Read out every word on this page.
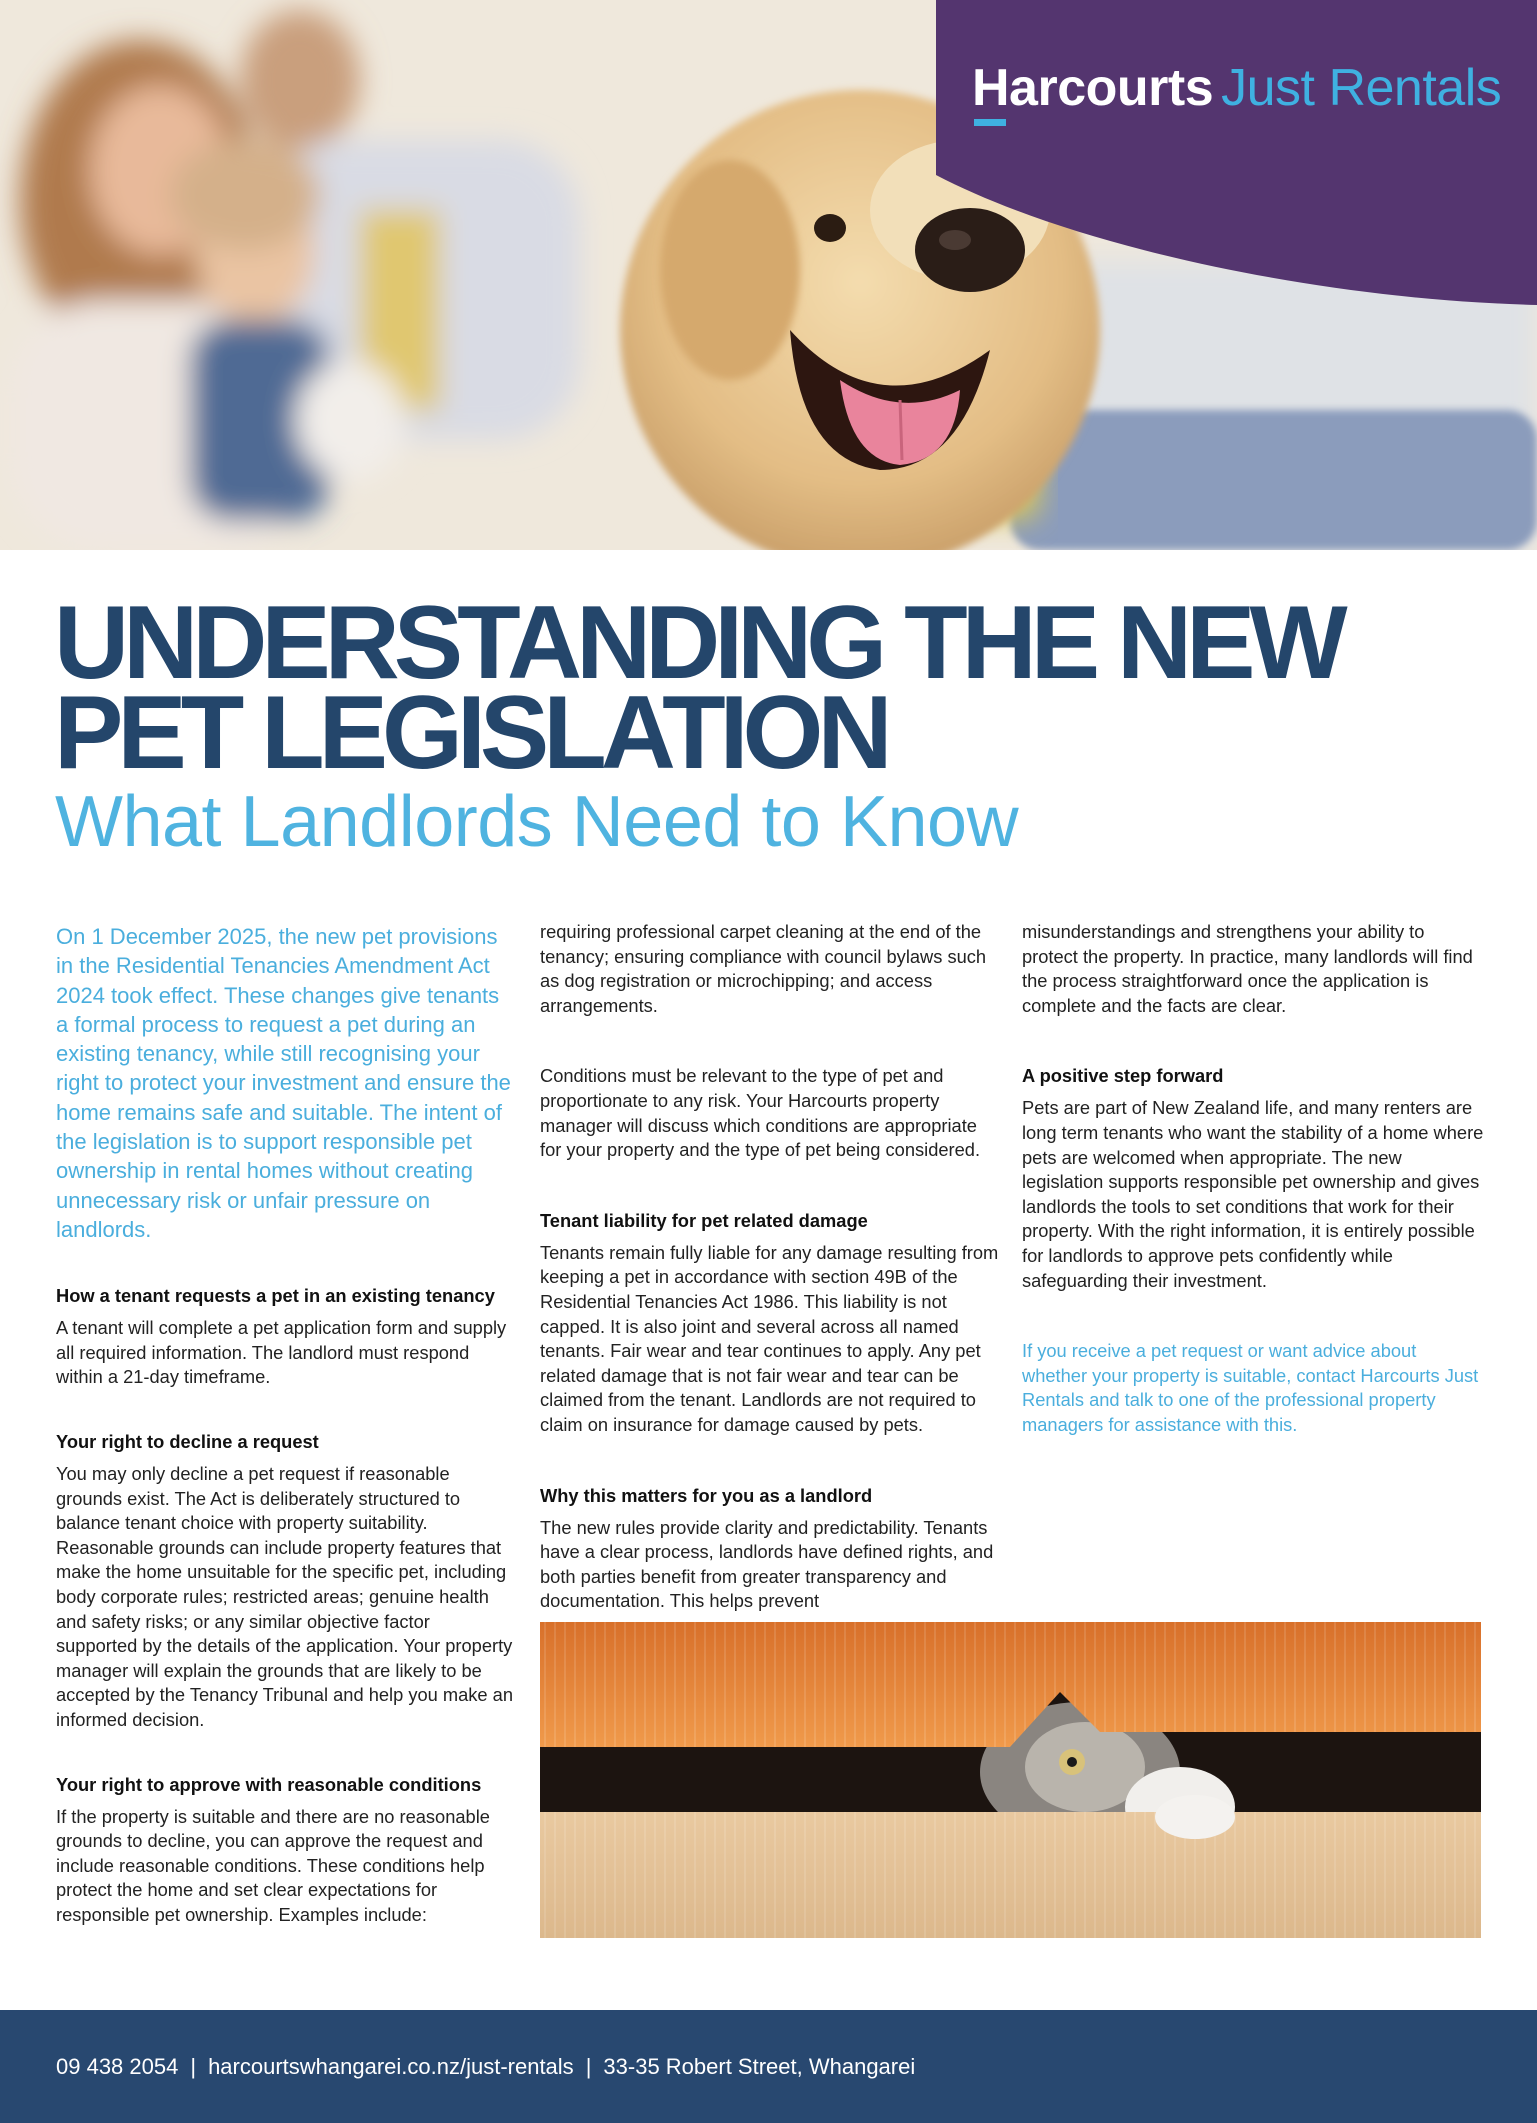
Harcourts Just Rentals
UNDERSTANDING THE NEW PET LEGISLATION
What Landlords Need to Know

On 1 December 2025, the new pet provisions in the Residential Tenancies Amendment Act 2024 took effect. These changes give tenants a formal process to request a pet during an existing tenancy, while still recognising your right to protect your investment and ensure the home remains safe and suitable. The intent of the legislation is to support responsible pet ownership in rental homes without creating unnecessary risk or unfair pressure on landlords.

How a tenant requests a pet in an existing tenancy

A tenant will complete a pet application form and supply all required information. The landlord must respond within a 21-day timeframe.

Your right to decline a request

You may only decline a pet request if reasonable grounds exist. The Act is deliberately structured to balance tenant choice with property suitability. Reasonable grounds can include property features that make the home unsuitable for the specific pet, including body corporate rules; restricted areas; genuine health and safety risks; or any similar objective factor supported by the details of the application. Your property manager will explain the grounds that are likely to be accepted by the Tenancy Tribunal and help you make an informed decision.

Your right to approve with reasonable conditions

If the property is suitable and there are no reasonable grounds to decline, you can approve the request and include reasonable conditions. These conditions help protect the home and set clear expectations for responsible pet ownership. Examples include:

requiring professional carpet cleaning at the end of the tenancy; ensuring compliance with council bylaws such as dog registration or microchipping; and access arrangements.

Conditions must be relevant to the type of pet and proportionate to any risk. Your Harcourts property manager will discuss which conditions are appropriate for your property and the type of pet being considered.

Tenant liability for pet related damage

Tenants remain fully liable for any damage resulting from keeping a pet in accordance with section 49B of the Residential Tenancies Act 1986. This liability is not capped. It is also joint and several across all named tenants. Fair wear and tear continues to apply. Any pet related damage that is not fair wear and tear can be claimed from the tenant. Landlords are not required to claim on insurance for damage caused by pets.

Why this matters for you as a landlord

The new rules provide clarity and predictability. Tenants have a clear process, landlords have defined rights, and both parties benefit from greater transparency and documentation. This helps prevent

misunderstandings and strengthens your ability to protect the property. In practice, many landlords will find the process straightforward once the application is complete and the facts are clear.

A positive step forward

Pets are part of New Zealand life, and many renters are long term tenants who want the stability of a home where pets are welcomed when appropriate. The new legislation supports responsible pet ownership and gives landlords the tools to set conditions that work for their property. With the right information, it is entirely possible for landlords to approve pets confidently while safeguarding their investment.

If you receive a pet request or want advice about whether your property is suitable, contact Harcourts Just Rentals and talk to one of the professional property managers for assistance with this.

09 438 2054 | harcourtswhangarei.co.nz/just-rentals | 33-35 Robert Street, Whangarei
